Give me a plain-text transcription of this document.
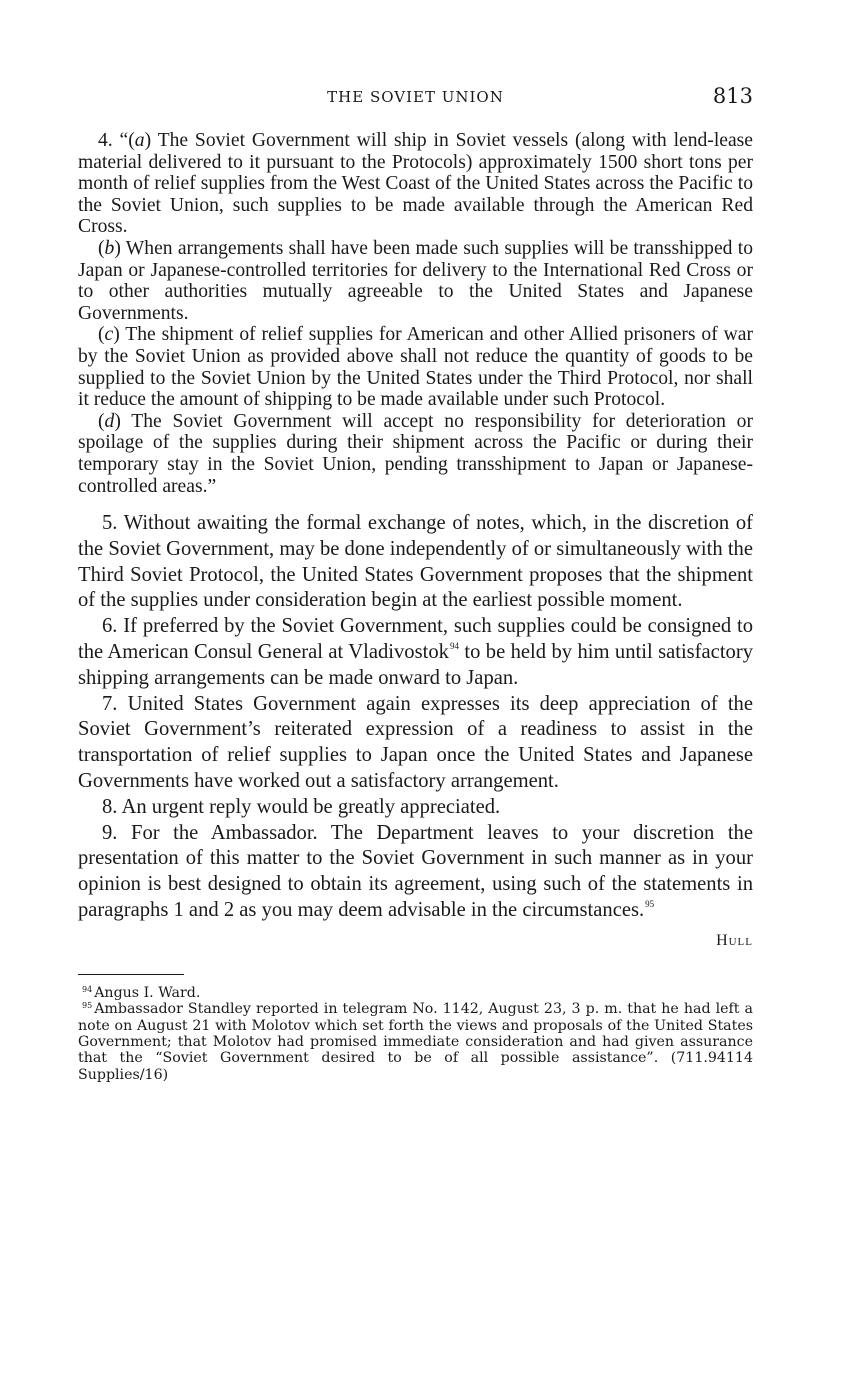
THE SOVIET UNION	813

4. “(a) The Soviet Government will ship in Soviet vessels (along with lend-lease material delivered to it pursuant to the Protocols) approximately 1500 short tons per month of relief supplies from the West Coast of the United States across the Pacific to the Soviet Union, such supplies to be made available through the American Red Cross.

(b) When arrangements shall have been made such supplies will be transshipped to Japan or Japanese-controlled territories for delivery to the International Red Cross or to other authorities mutually agreeable to the United States and Japanese Governments.

(c) The shipment of relief supplies for American and other Allied prisoners of war by the Soviet Union as provided above shall not reduce the quantity of goods to be supplied to the Soviet Union by the United States under the Third Protocol, nor shall it reduce the amount of shipping to be made available under such Protocol.

(d) The Soviet Government will accept no responsibility for deterioration or spoilage of the supplies during their shipment across the Pacific or during their temporary stay in the Soviet Union, pending transshipment to Japan or Japanese-controlled areas.”

5. Without awaiting the formal exchange of notes, which, in the discretion of the Soviet Government, may be done independently of or simultaneously with the Third Soviet Protocol, the United States Government proposes that the shipment of the supplies under consideration begin at the earliest possible moment.

6. If preferred by the Soviet Government, such supplies could be consigned to the American Consul General at Vladivostok$^{94}$ to be held by him until satisfactory shipping arrangements can be made onward to Japan.

7. United States Government again expresses its deep appreciation of the Soviet Government’s reiterated expression of a readiness to assist in the transportation of relief supplies to Japan once the United States and Japanese Governments have worked out a satisfactory arrangement.

8. An urgent reply would be greatly appreciated.

9. For the Ambassador. The Department leaves to your discretion the presentation of this matter to the Soviet Government in such manner as in your opinion is best designed to obtain its agreement, using such of the statements in paragraphs 1 and 2 as you may deem advisable in the circumstances.$^{95}$

Hull

$^{94}$ Angus I. Ward.

$^{95}$ Ambassador Standley reported in telegram No. 1142, August 23, 3 p. m. that he had left a note on August 21 with Molotov which set forth the views and proposals of the United States Government; that Molotov had promised immediate consideration and had given assurance that the “Soviet Government desired to be of all possible assistance”. (711.94114 Supplies/16)
